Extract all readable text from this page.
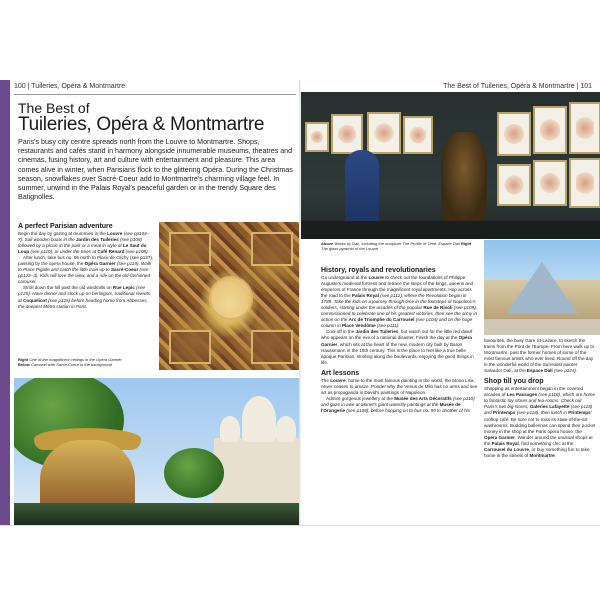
100 | Tuileries, Opéra & Montmartre	The Best of Tuileries, Opéra & Montmartre | 101
The Best of
Tuileries, Opéra & Montmartre
Paris's busy city centre spreads north from the Louvre to Montmartre. Shops, restaurants and cafés stand in harmony alongside innumerable museums, theatres and cinemas, fusing history, art and culture with entertainment and pleasure. This area comes alive in winter, when Parisians flock to the glittering Opéra. During the Christmas season, snowflakes over Sacré-Coeur add to Montmartre's charming village feel. In summer, unwind in the Palais Royal's peaceful garden or in the trendy Square des Batignolles.
A perfect Parisian adventure
Begin the day by gazing at mummies in the Louvre (see pp104–7). Sail wooden boats in the Jardin des Tuileries (see p108) followed by a picnic in the park or a meal in style at Le Saut du Loup (see p110), or under the trees at Café Renard (see p108).
After lunch, take bus no. 95 north to Place de Clichy (see p127), passing by the opera house, the Opéra Garnier (see p119). Walk to Place Pigalle and catch the little train up to Sacré-Coeur (see pp122–3). Kids will love the view, and a ride on the old-fashioned carousel.
Stroll down the hill past the old windmills on Rue Lepic (see p125). Have dinner and stock up on berlingots, traditional sweets, at Coquelicot (see p125) before heading home from Abbesses, the deepest Métro station in Paris.
Right One of the magnificent ceilings in the Opéra Garnier
Below Carousel with Sacré-Coeur in the background
Above Works by Dalí, including the sculpture The Profile of Time, Espace Dalí Right The glass pyramid of the Louvre
History, royals and revolutionaries
Go underground at the Louvre to check out the foundations of Philippe Auguste's medieval fortress and retrace the steps of the kings, queens and emperors of France through the magnificent royal apartments. Hop across the road to the Palais Royal (see p112), where the Revolution began in 1789. Take the kids on a journey through time in the footsteps of Napoleon's soldiers, starting under the arcades of the popular Rue de Rivoli (see p109), commissioned to celebrate one of his greatest victories, then see the army in action on the Arc de Triomphe du Carrousel (see p104) and on the huge column in Place Vendôme (see p111).
Cool off in the Jardin des Tuileries, but watch out for the little red dwarf who appears on the eve of a national disaster. Finish the day at the Opéra Garnier, which sits at the heart of the new, modern city built by Baron Haussmann in the 19th century. This is the place to feel like a true belle époque Parisian, strolling along the boulevards, enjoying the good things in life.
Art lessons
The Louvre, home to the most famous painting in the world, the Mona Lisa, never ceases to amaze. Ponder why the Venus de Milo has no arms and see art as propaganda in David's paintings of Napoleon.
Admire gorgeous jewellery at the Musée des Arts Décoratifs (see p110) and gaze in awe at Monet's giant waterlily paintings at the Musée de l'Orangerie (see p108), before hopping on to bus no. 95 to another of his
favourites, the busy Gare St-Lazare, to sketch the trains from the Pont de l'Europe. From here walk up to Montmartre, past the former homes of some of the most famous artists who ever lived. Round off the day in the wonderful world of the Surrealist painter Salvador Dalí, at the Espace Dalí (see p124).
Shop till you drop
Shopping as entertainment began in the covered arcades of Les Passages (see p118), which are home to fantastic toy stores and tea-rooms. Check out Paris's two big stores, Galeries Lafayette (see p118) and Printemps (see p118), then lunch in Printemps' rooftop café. Be sure not to miss its state-of-the-art washrooms. Budding ballerinas can spend their pocket money in the shop at the Paris opera house, the Opéra Garnier. Wander around the unusual shops at the Palais Royal, find something chic at the Carrousel du Louvre, or buy something fun to take home in the streets of Montmartre.
